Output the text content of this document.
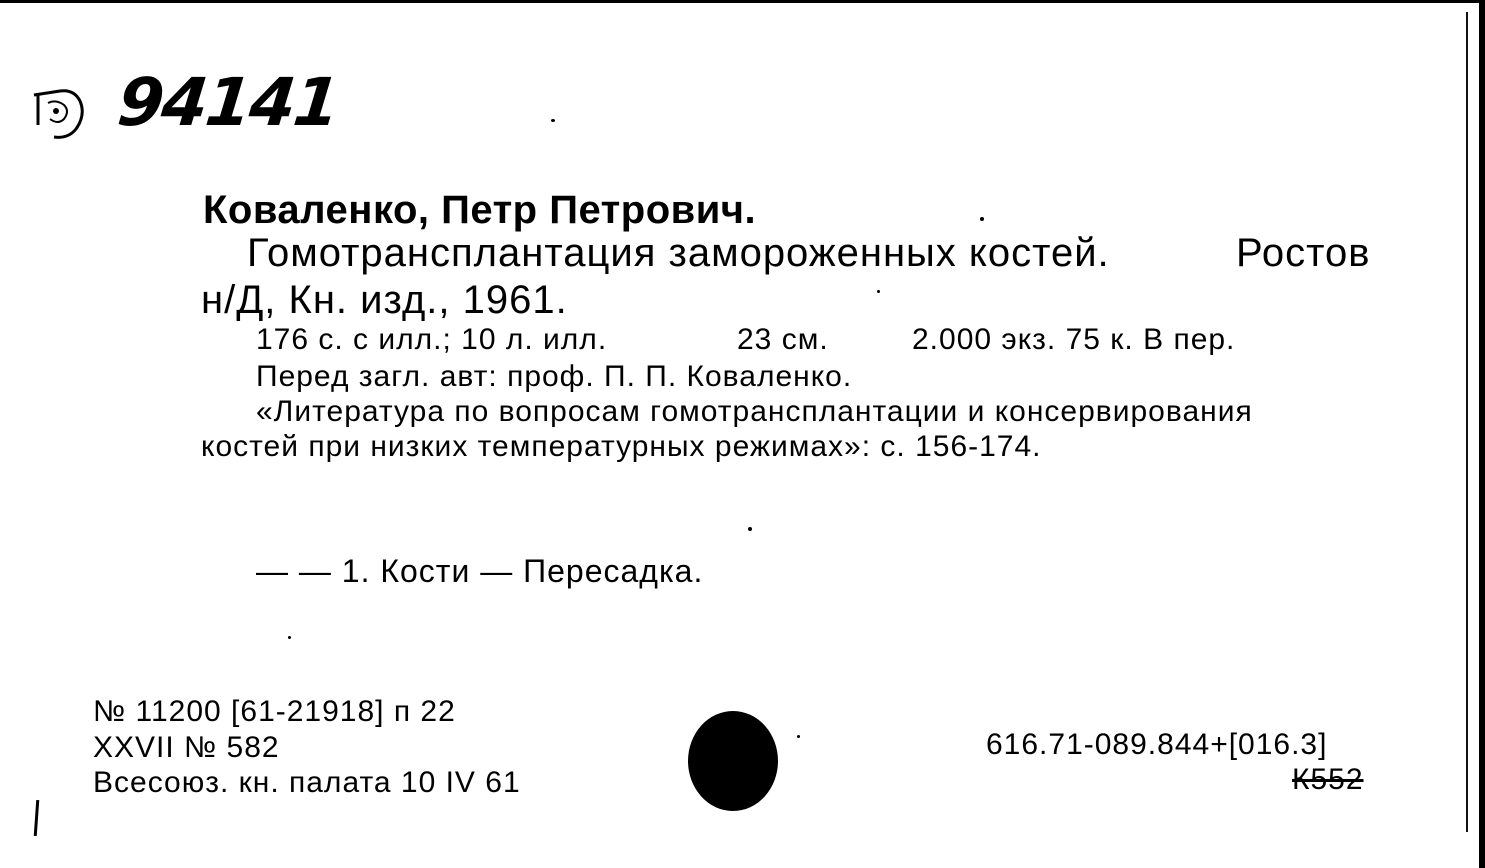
94141
Коваленко, Петр Петрович.
Гомотрансплантация замороженных костей.	Ростов
н/Д, Кн. изд., 1961.
176 с. с илл.; 10 л. илл.	23 см.	2.000 экз. 75 к. В пер.
Перед загл. авт: проф. П. П. Коваленко.
«Литература по вопросам гомотрансплантации и консервирования
костей при низких температурных режимах»: с. 156-174.
— — 1. Кости — Пересадка.
№ 11200 [61-21918] п 22
XXVII № 582
Всесоюз. кн. палата 10 IV 61
616.71-089.844+[016.3]
К552
